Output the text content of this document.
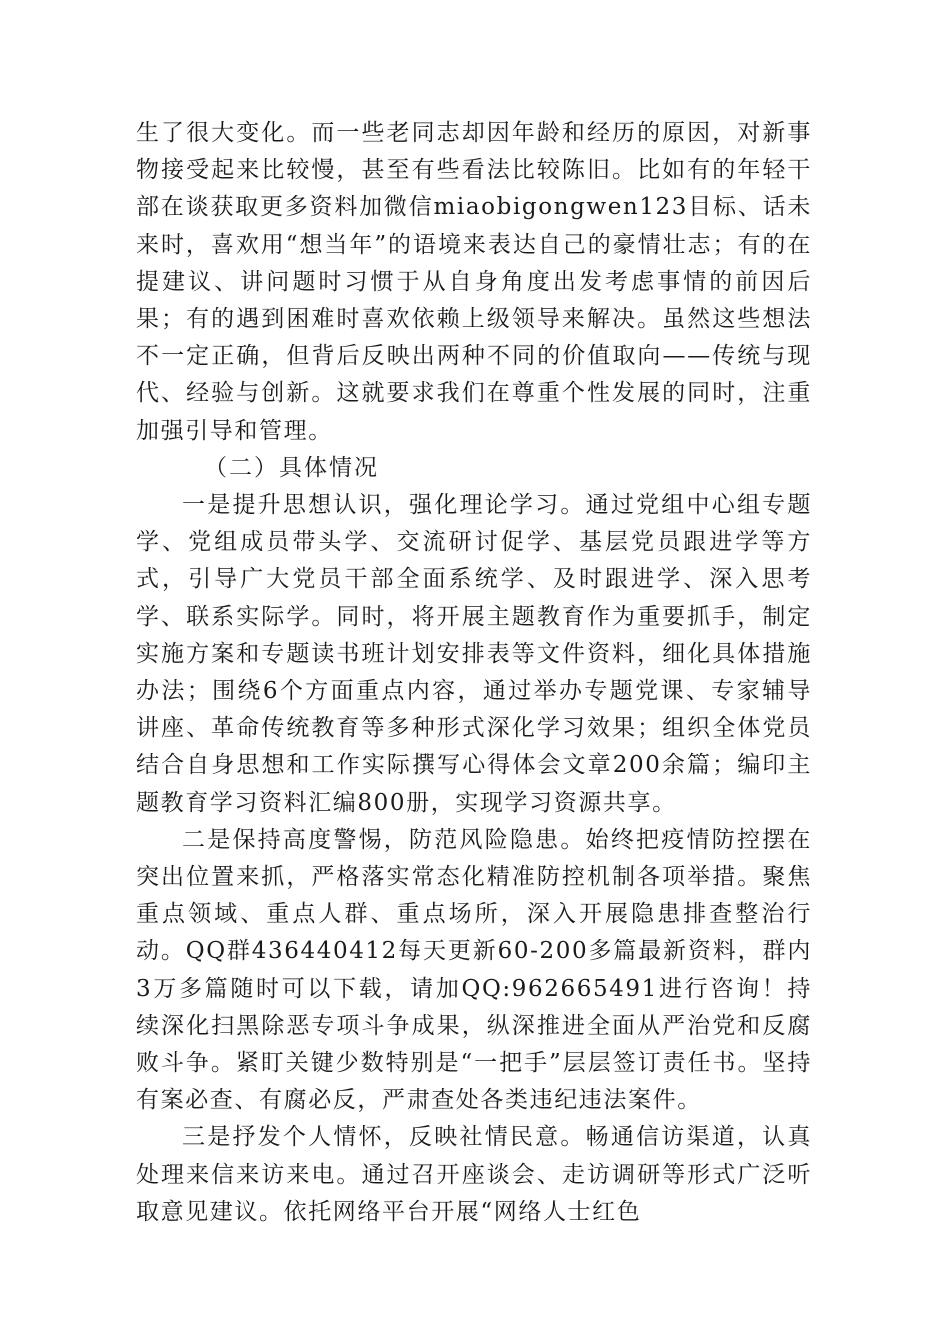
生了很大变化。而一些老同志却因年龄和经历的原因，对新事物接受起来比较慢，甚至有些看法比较陈旧。比如有的年轻干部在谈获取更多资料加微信miaobigongwen123目标、话未来时，喜欢用“想当年”的语境来表达自己的豪情壮志；有的在提建议、讲问题时习惯于从自身角度出发考虑事情的前因后果；有的遇到困难时喜欢依赖上级领导来解决。虽然这些想法不一定正确，但背后反映出两种不同的价值取向——传统与现代、经验与创新。这就要求我们在尊重个性发展的同时，注重加强引导和管理。

（二）具体情况

一是提升思想认识，强化理论学习。通过党组中心组专题学、党组成员带头学、交流研讨促学、基层党员跟进学等方式，引导广大党员干部全面系统学、及时跟进学、深入思考学、联系实际学。同时，将开展主题教育作为重要抓手，制定实施方案和专题读书班计划安排表等文件资料，细化具体措施办法；围绕6个方面重点内容，通过举办专题党课、专家辅导讲座、革命传统教育等多种形式深化学习效果；组织全体党员结合自身思想和工作实际撰写心得体会文章200余篇；编印主题教育学习资料汇编800册，实现学习资源共享。

二是保持高度警惕，防范风险隐患。始终把疫情防控摆在突出位置来抓，严格落实常态化精准防控机制各项举措。聚焦重点领域、重点人群、重点场所，深入开展隐患排查整治行动。QQ群436440412每天更新60-200多篇最新资料，群内3万多篇随时可以下载，请加QQ:962665491进行咨询！持续深化扫黑除恶专项斗争成果，纵深推进全面从严治党和反腐败斗争。紧盯关键少数特别是“一把手”层层签订责任书。坚持有案必查、有腐必反，严肃查处各类违纪违法案件。

三是抒发个人情怀，反映社情民意。畅通信访渠道，认真处理来信来访来电。通过召开座谈会、走访调研等形式广泛听取意见建议。依托网络平台开展“网络人士红色
